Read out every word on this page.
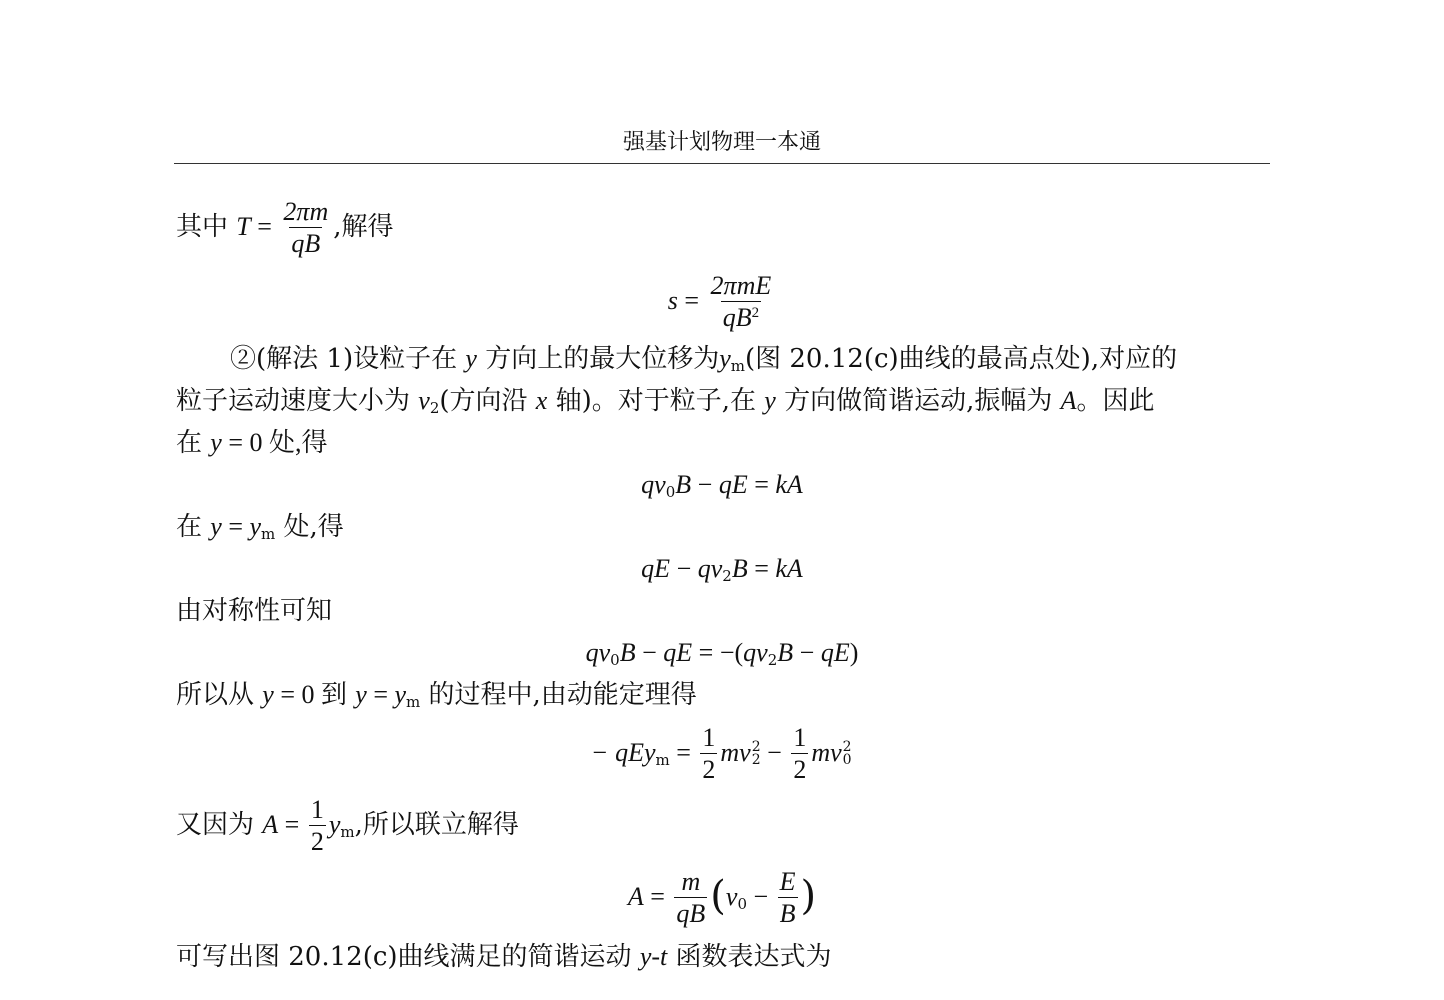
强基计划物理一本通
其中 $T = \frac{2\pi m}{qB}$ ,解得
$s = \frac{\text{2πmE}}{qB^2}$
②(解法 1)设粒子在 y 方向上的最大位移为$y_m$(图 20.12(c)曲线的最高点处),对应的
粒子运动速度大小为 $v_2$(方向沿 x 轴)。对于粒子,在 y 方向做简谐运动,振幅为 A。因此
在 y = 0 处,得
$qv_0B$ − qE = kA
在 $y = y_m$ 处,得
qE − $qv_2B$ = kA
由对称性可知
$qv_0B$ − qE = $-(qv_2B - qE)$
所以从 y = 0 到 $y = y_m$ 的过程中,由动能定理得
− $qEy_m = \frac{1}{2}$ mv 2
$2 - \frac{1}{2}$ mv 2
0
又因为 $A = \frac{1}{2} y_m$,所以联立解得
$A = \frac{m}{qB} (v_0 - \frac{E}{B}$ )
可写出图 20.12(c)曲线满足的简谐运动 y-t 函数表达式为
